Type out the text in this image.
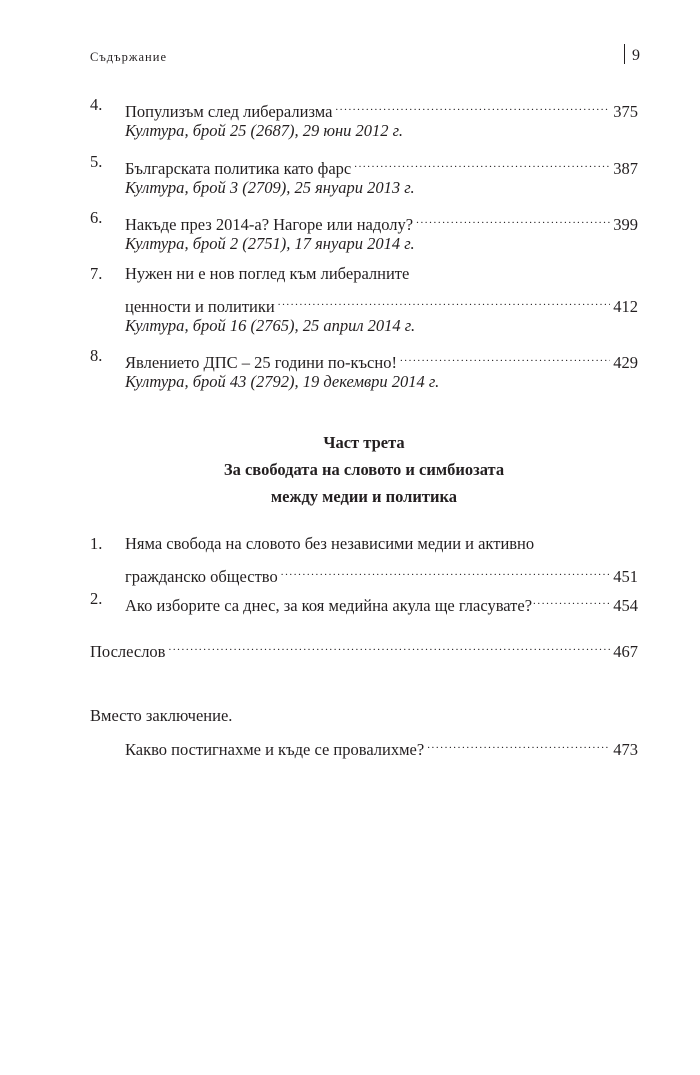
Съдържание	9
4. Популизъм след либерализма .....	375
Култура, брой 25 (2687), 29 юни 2012 г.
5. Българската политика като фарс .....	387
Култура, брой 3 (2709), 25 януари 2013 г.
6. Накъде през 2014-а? Нагоре или надолу? .....	399
Култура, брой 2 (2751), 17 януари 2014 г.
7. Нужен ни е нов поглед към либералните
ценности и политики .....	412
Култура, брой 16 (2765), 25 април 2014 г.
8. Явлението ДПС – 25 години по-късно! .....	429
Култура, брой 43 (2792), 19 декември 2014 г.
Част трета
За свободата на словото и симбиозата
между медии и политика
1. Няма свобода на словото без независими медии и активно
гражданско общество .....	451
2. Ако изборите са днес, за коя медийна акула ще гласувате? .....	454
Послеслов .....	467
Вместо заключение.
Какво постигнахме и къде се провалихме? .....	473
